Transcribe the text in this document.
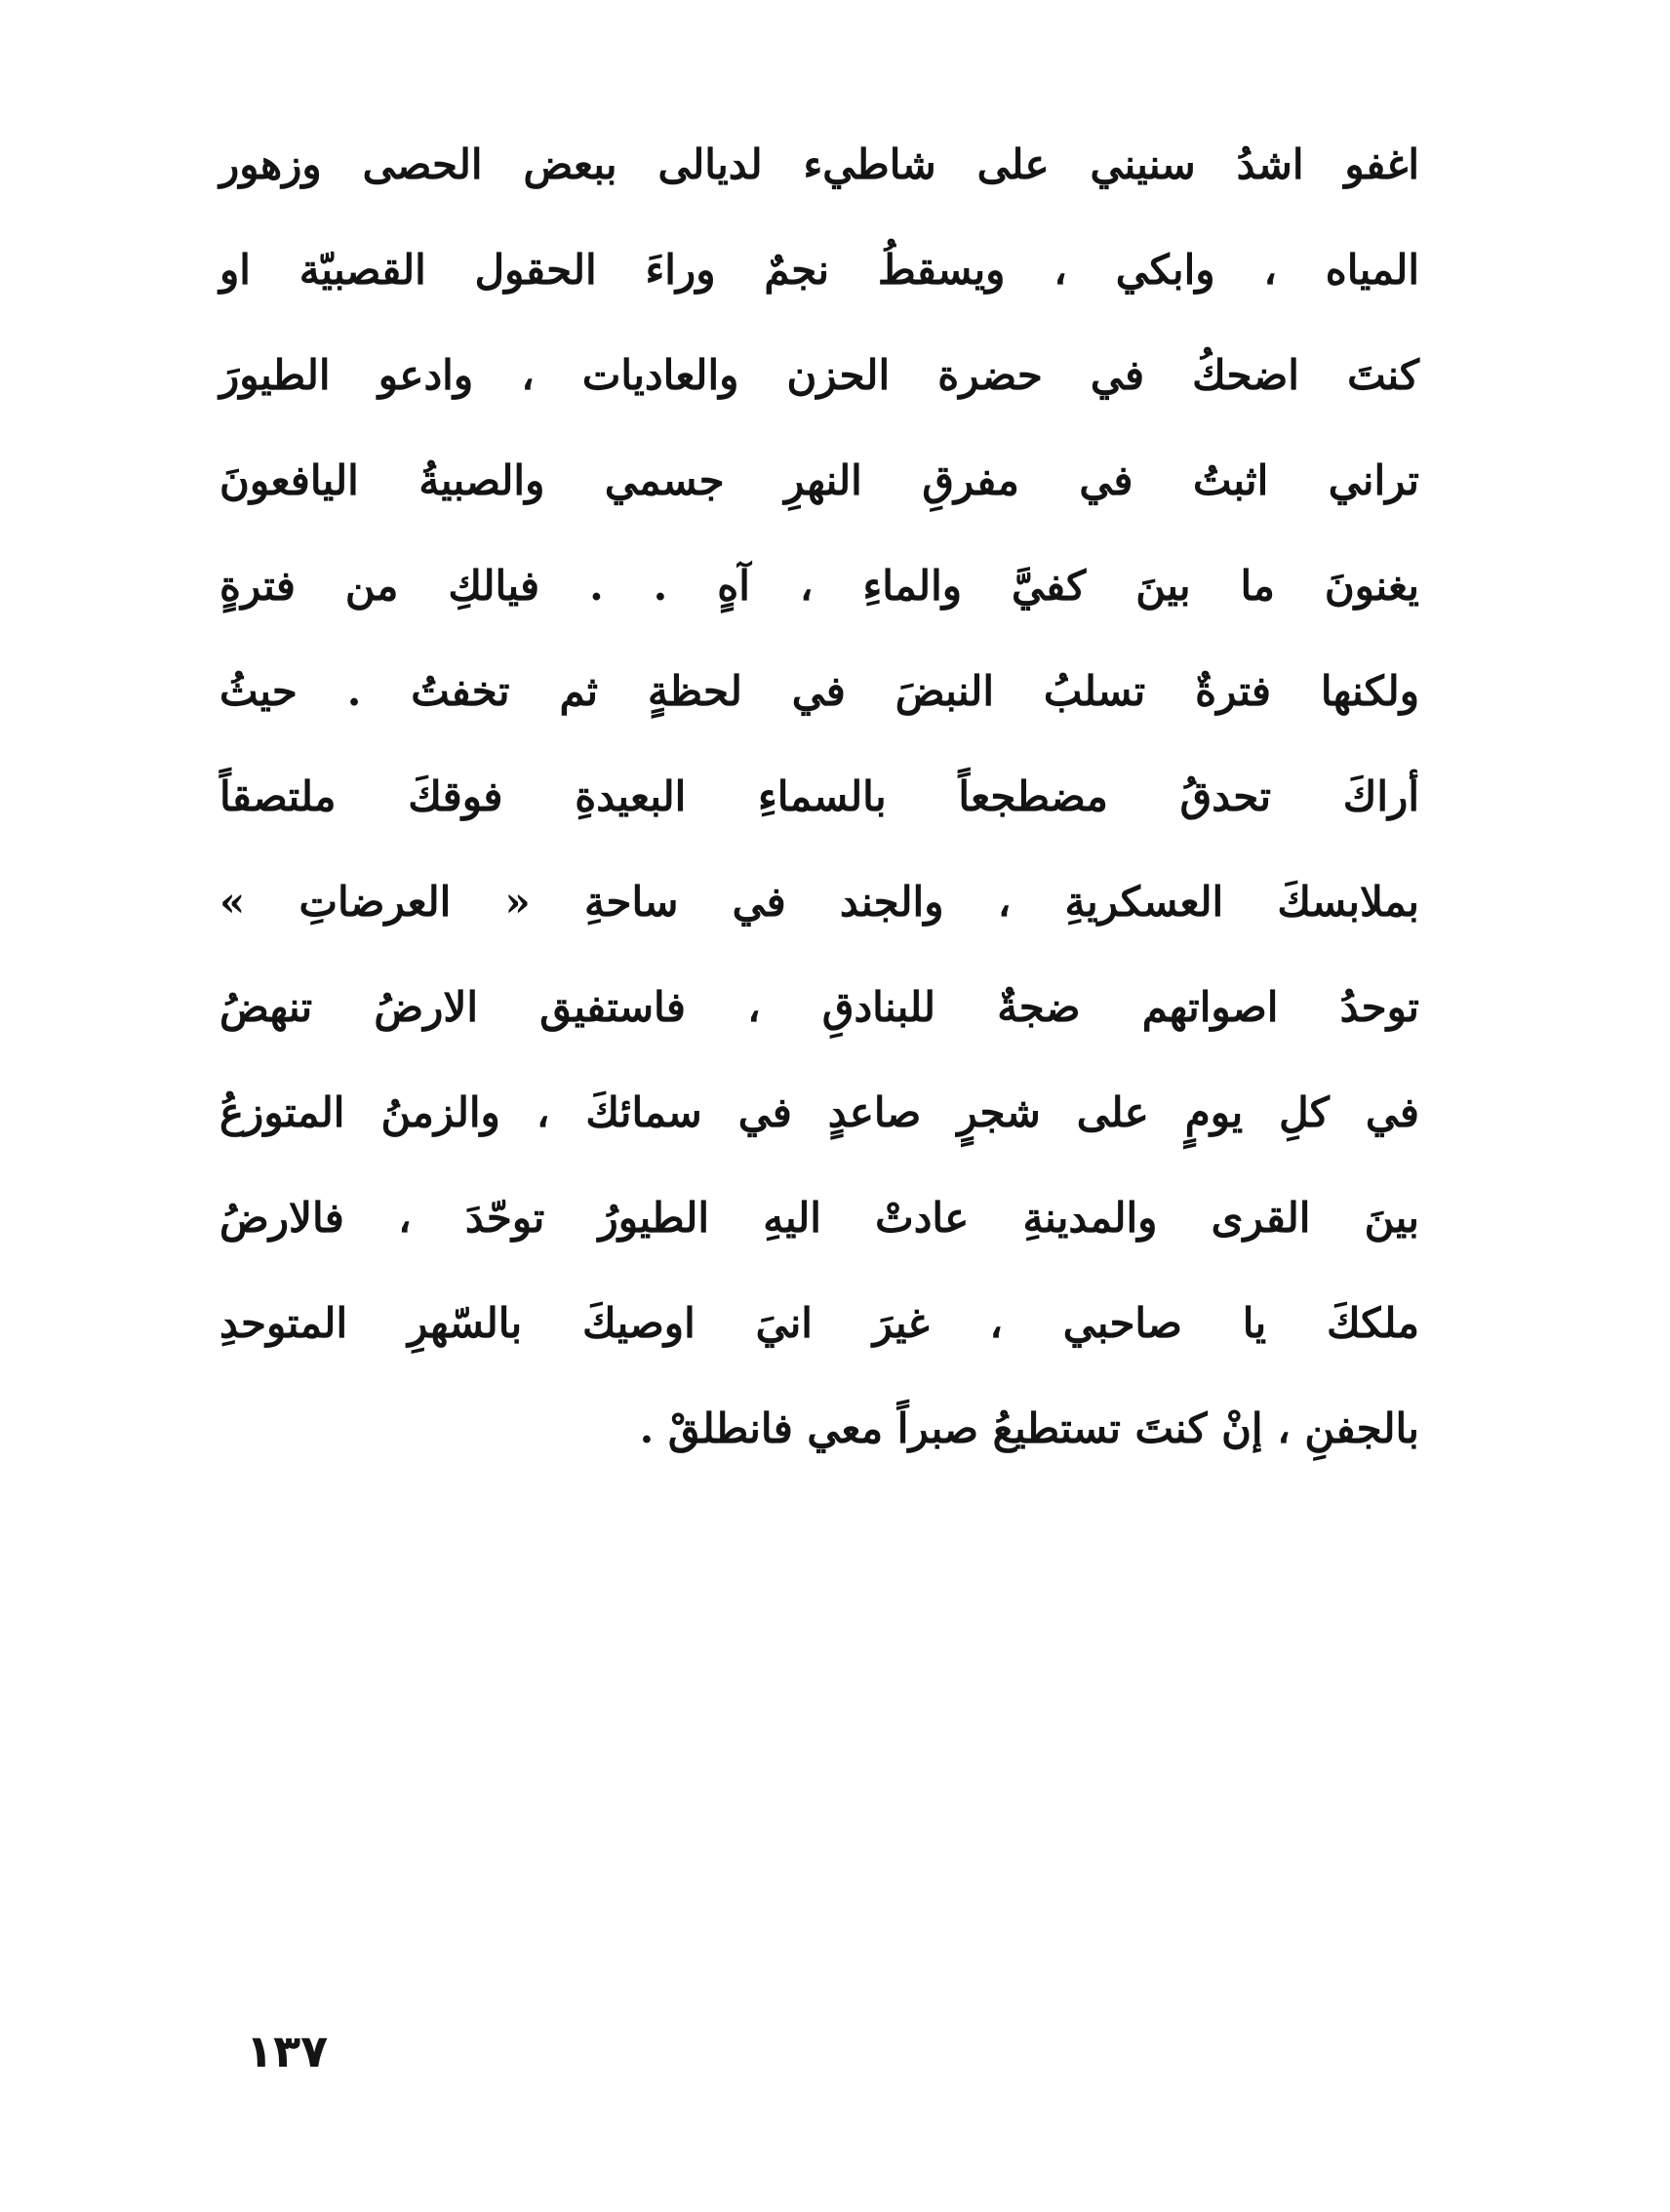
اغفو اشدُ سنيني على شاطيء لديالى ببعض الحصى وزهور
المياه ، وابكي ، ويسقطُ نجمٌ وراءَ الحقول القصبيّة او
كنتَ اضحكُ في حضرة الحزن والعاديات ، وادعو الطيورَ
تراني اثبتُ في مفرقِ النهرِ جسمي والصبيةُ اليافعونَ
يغنونَ ما بينَ كفيَّ والماءِ ، آهٍ . . فيالكِ من فترةٍ
ولكنها فترةٌ تسلبُ النبضَ في لحظةٍ ثم تخفتُ . حيثُ
أراكَ تحدقُ مضطجعاً بالسماءِ البعيدةِ فوقكَ ملتصقاً
بملابسكَ العسكريةِ ، والجند في ساحةِ « العرضاتِ »
توحدُ اصواتهم ضجةٌ للبنادقِ ، فاستفيق الارضُ تنهضُ
في كلِ يومٍ على شجرٍ صاعدٍ في سمائكَ ، والزمنُ المتوزعُ
بينَ القرى والمدينةِ عادتْ اليهِ الطيورُ توحّدَ ، فالارضُ
ملككَ يا صاحبي ، غيرَ انيَ اوصيكَ بالسّهرِ المتوحدِ
بالجفنِ ، إنْ كنتَ تستطيعُ صبراً معي فانطلقْ .
١٣٧
